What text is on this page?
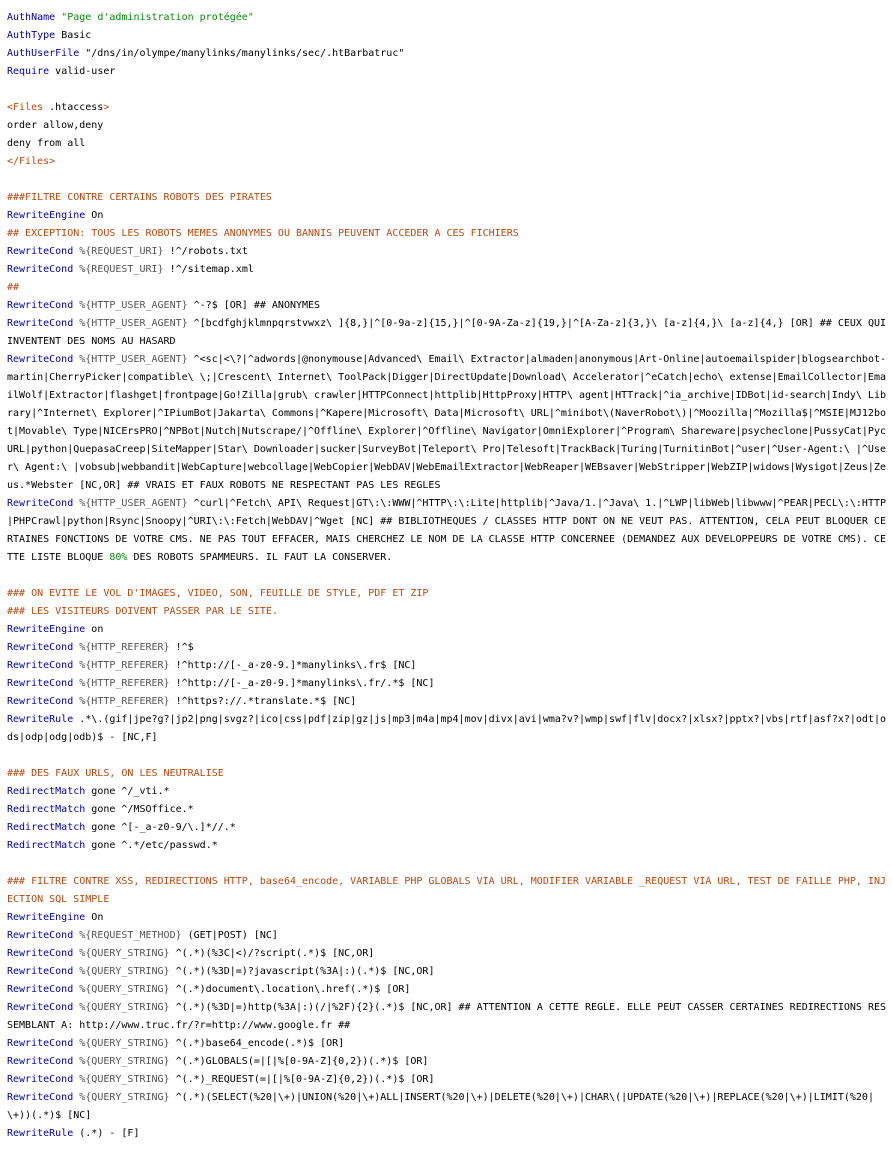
AuthName "Page d'administration protégée"
AuthType Basic
AuthUserFile "/dns/in/olympe/manylinks/manylinks/sec/.htBarbatruc"
Require valid-user
<Files .htaccess>
order allow,deny
deny from all
</Files>
###FILTRE CONTRE CERTAINS ROBOTS DES PIRATES
RewriteEngine On
## EXCEPTION: TOUS LES ROBOTS MEMES ANONYMES OU BANNIS PEUVENT ACCEDER A CES FICHIERS
RewriteCond %{REQUEST_URI} !^/robots.txt
RewriteCond %{REQUEST_URI} !^/sitemap.xml
##
RewriteCond %{HTTP_USER_AGENT} ^-?$ [OR] ## ANONYMES
RewriteCond %{HTTP_USER_AGENT} ^[bcdfghjklmnpqrstvwxz\ ]{8,}|^[0-9a-z]{15,}|^[0-9A-Za-z]{19,}|^[A-Za-z]{3,}\ [a-z]{4,}\ [a-z]{4,} [OR] ## CEUX QUI INVENTENT DES NOMS AU HASARD
RewriteCond %{HTTP_USER_AGENT} ^<sc|<\?|^adwords|@nonymouse|Advanced\ Email\ Extractor|almaden|anonymous|Art-Online|autoemailspider|blogsearchbot-martin|CherryPicker|compatible\ \;|Crescent\ Internet\ ToolPack|Digger|DirectUpdate|Download\ Accelerator|^eCatch|echo\ extense|EmailCollector|EmailWolf|Extractor|flashget|frontpage|Go!Zilla|grub\ crawler|HTTPConnect|httplib|HttpProxy|HTTP\ agent|HTTrack|^ia_archive|IDBot|id-search|Indy\ Library|^Internet\ Explorer|^IPiumBot|Jakarta\ Commons|^Kapere|Microsoft\ Data|Microsoft\ URL|^minibot\(NaverRobot\)|^Moozilla|^Mozilla$|^MSIE|MJ12bot|Movable\ Type|NICErsPRO|^NPBot|Nutch|Nutscrape/|^Offline\ Explorer|^Offline\ Navigator|OmniExplorer|^Program\ Shareware|psycheclone|PussyCat|PycURL|python|QuepasaCreep|SiteMapper|Star\ Downloader|sucker|SurveyBot|Teleport\ Pro|Telesoft|TrackBack|Turing|TurnitinBot|^user|^User-Agent:\ |^User\ Agent:\ |vobsub|webbandit|WebCapture|webcollage|WebCopier|WebDAV|WebEmailExtractor|WebReaper|WEBsaver|WebStripper|WebZIP|widows|Wysigot|Zeus|Zeus.*Webster [NC,OR] ## VRAIS ET FAUX ROBOTS NE RESPECTANT PAS LES REGLES
RewriteCond %{HTTP_USER_AGENT} ^curl|^Fetch\ API\ Request|GT\:\:WWW|^HTTP\:\:Lite|httplib|^Java/1.|^Java\ 1.|^LWP|libWeb|libwww|^PEAR|PECL\:\:HTTP|PHPCrawl|python|Rsync|Snoopy|^URI\:\:Fetch|WebDAV|^Wget [NC] ## BIBLIOTHEQUES / CLASSES HTTP DONT ON NE VEUT PAS. ATTENTION, CELA PEUT BLOQUER CERTAINES FONCTIONS DE VOTRE CMS. NE PAS TOUT EFFACER, MAIS CHERCHEZ LE NOM DE LA CLASSE HTTP CONCERNEE (DEMANDEZ AUX DEVELOPPEURS DE VOTRE CMS). CETTE LISTE BLOQUE 80% DES ROBOTS SPAMMEURS. IL FAUT LA CONSERVER.
### ON EVITE LE VOL D'IMAGES, VIDEO, SON, FEUILLE DE STYLE, PDF ET ZIP
### LES VISITEURS DOIVENT PASSER PAR LE SITE.
RewriteEngine on
RewriteCond %{HTTP_REFERER} !^$
RewriteCond %{HTTP_REFERER} !^http://[-_a-z0-9.]*manylinks\.fr$ [NC]
RewriteCond %{HTTP_REFERER} !^http://[-_a-z0-9.]*manylinks\.fr/.*$ [NC]
RewriteCond %{HTTP_REFERER} !^https?://.*translate.*$ [NC]
RewriteRule .*\.(gif|jpe?g?|jp2|png|svgz?|ico|css|pdf|zip|gz|js|mp3|m4a|mp4|mov|divx|avi|wma?v?|wmp|swf|flv|docx?|xlsx?|pptx?|vbs|rtf|asf?x?|odt|ods|odp|odg|odb)$ - [NC,F]
### DES FAUX URLS, ON LES NEUTRALISE
RedirectMatch gone ^/_vti.*
RedirectMatch gone ^/MSOffice.*
RedirectMatch gone ^[-_a-z0-9/\.]*//.*
RedirectMatch gone ^.*/etc/passwd.*
### FILTRE CONTRE XSS, REDIRECTIONS HTTP, base64_encode, VARIABLE PHP GLOBALS VIA URL, MODIFIER VARIABLE _REQUEST VIA URL, TEST DE FAILLE PHP, INJECTION SQL SIMPLE
RewriteEngine On
RewriteCond %{REQUEST_METHOD} (GET|POST) [NC]
RewriteCond %{QUERY_STRING} ^(.*)(%3C|<)/?script(.*)$ [NC,OR]
RewriteCond %{QUERY_STRING} ^(.*)(%3D|=)?javascript(%3A|:)(.*)$ [NC,OR]
RewriteCond %{QUERY_STRING} ^(.*)document\.location\.href(.*)$ [OR]
RewriteCond %{QUERY_STRING} ^(.*)(%3D|=)http(%3A|:)(/|%2F){2}(.*)$ [NC,OR] ## ATTENTION A CETTE REGLE. ELLE PEUT CASSER CERTAINES REDIRECTIONS RESSEMBLANT A: http://www.truc.fr/?r=http://www.google.fr ##
RewriteCond %{QUERY_STRING} ^(.*)base64_encode(.*)$ [OR]
RewriteCond %{QUERY_STRING} ^(.*)GLOBALS(=|[|%[0-9A-Z]{0,2})(.*)$ [OR]
RewriteCond %{QUERY_STRING} ^(.*)_REQUEST(=|[|%[0-9A-Z]{0,2})(.*)$ [OR]
RewriteCond %{QUERY_STRING} ^(.*)(SELECT(%20|\+)|UNION(%20|\+)ALL|INSERT(%20|\+)|DELETE(%20|\+)|CHAR\(|UPDATE(%20|\+)|REPLACE(%20|\+)|LIMIT(%20|\+))(.*)$ [NC]
RewriteRule (.*) - [F]
